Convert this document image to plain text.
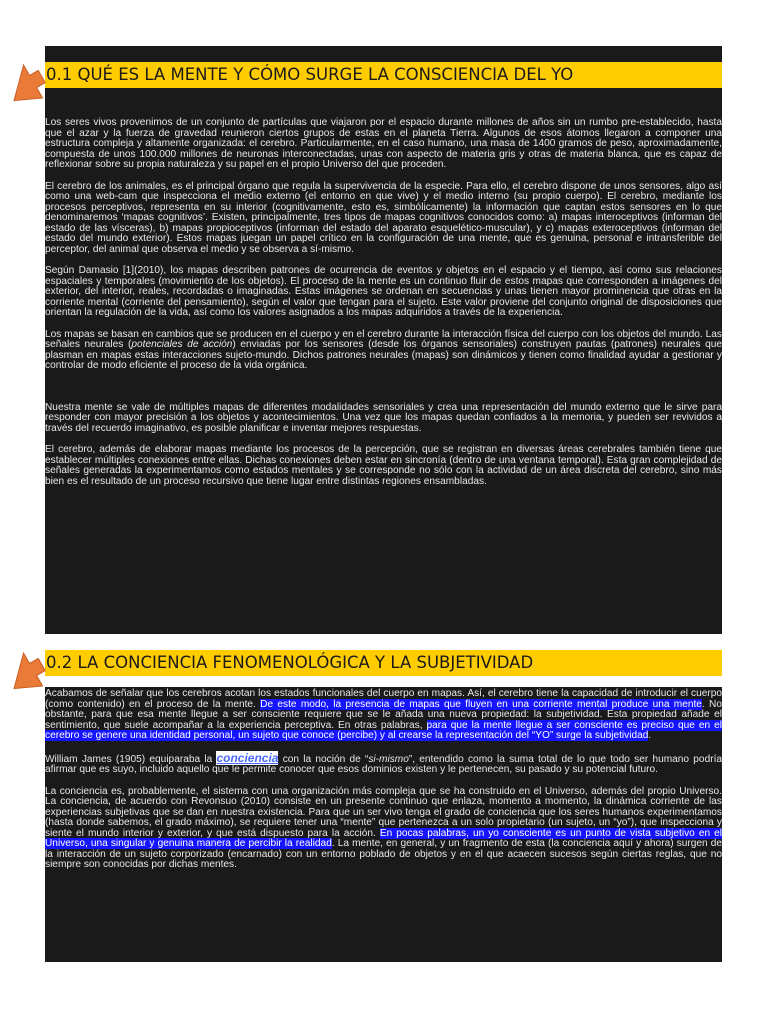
0.1 QUÉ ES LA MENTE Y CÓMO SURGE LA CONSCIENCIA DEL YO

Los seres vivos provenimos de un conjunto de partículas que viajaron por el espacio durante millones de años sin un rumbo pre-establecido, hasta que el azar y la fuerza de gravedad reunieron ciertos grupos de estas en el planeta Tierra. Algunos de esos átomos llegaron a componer una estructura compleja y altamente organizada: el cerebro. Particularmente, en el caso humano, una masa de 1400 gramos de peso, aproximadamente, compuesta de unos 100.000 millones de neuronas interconectadas, unas con aspecto de materia gris y otras de materia blanca, que es capaz de reflexionar sobre su propia naturaleza y su papel en el propio Universo del que proceden.

El cerebro de los animales, es el principal órgano que regula la supervivencia de la especie. Para ello, el cerebro dispone de unos sensores, algo así como una web-cam que inspecciona el medio externo (el entorno en que vive) y el medio interno (su propio cuerpo). El cerebro, mediante los procesos perceptivos, representa en su interior (cognitivamente, esto es, simbólicamente) la información que captan estos sensores en lo que denominaremos ‘mapas cognitivos’. Existen, principalmente, tres tipos de mapas cognitivos conocidos como: a) mapas interoceptivos (informan del estado de las vísceras), b) mapas propioceptivos (informan del estado del aparato esquelético-muscular), y c) mapas exteroceptivos (informan del estado del mundo exterior). Estos mapas juegan un papel crítico en la configuración de una mente, que es genuina, personal e intransferible del perceptor, del animal que observa el medio y se observa a sí-mismo.

Según Damasio [1](2010), los mapas describen patrones de ocurrencia de eventos y objetos en el espacio y el tiempo, así como sus relaciones espaciales y temporales (movimiento de los objetos). El proceso de la mente es un continuo fluir de estos mapas que corresponden a imágenes del exterior, del interior, reales, recordadas o imaginadas. Estas imágenes se ordenan en secuencias y unas tienen mayor prominencia que otras en la corriente mental (corriente del pensamiento), según el valor que tengan para el sujeto. Este valor proviene del conjunto original de disposiciones que orientan la regulación de la vida, así como los valores asignados a los mapas adquiridos a través de la experiencia.

Los mapas se basan en cambios que se producen en el cuerpo y en el cerebro durante la interacción física del cuerpo con los objetos del mundo. Las señales neurales (potenciales de acción) enviadas por los sensores (desde los órganos sensoriales) construyen pautas (patrones) neurales que plasman en mapas estas interacciones sujeto-mundo. Dichos patrones neurales (mapas) son dinámicos y tienen como finalidad ayudar a gestionar y controlar de modo eficiente el proceso de la vida orgánica.

Nuestra mente se vale de múltiples mapas de diferentes modalidades sensoriales y crea una representación del mundo externo que le sirve para responder con mayor precisión a los objetos y acontecimientos. Una vez que los mapas quedan confiados a la memoria, y pueden ser revividos a través del recuerdo imaginativo, es posible planificar e inventar mejores respuestas.

El cerebro, además de elaborar mapas mediante los procesos de la percepción, que se registran en diversas áreas cerebrales también tiene que establecer múltiples conexiones entre ellas. Dichas conexiones deben estar en sincronía (dentro de una ventana temporal). Esta gran complejidad de señales generadas la experimentamos como estados mentales y se corresponde no sólo con la actividad de un área discreta del cerebro, sino más bien es el resultado de un proceso recursivo que tiene lugar entre distintas regiones ensambladas.

0.2 LA CONCIENCIA FENOMENOLÓGICA Y LA SUBJETIVIDAD

Acabamos de señalar que los cerebros acotan los estados funcionales del cuerpo en mapas. Así, el cerebro tiene la capacidad de introducir el cuerpo (como contenido) en el proceso de la mente. De este modo, la presencia de mapas que fluyen en una corriente mental produce una mente. No obstante, para que esa mente llegue a ser consciente requiere que se le añada una nueva propiedad: la subjetividad. Esta propiedad añade el sentimiento, que suele acompañar a la experiencia perceptiva. En otras palabras, para que la mente llegue a ser consciente es preciso que en el cerebro se genere una identidad personal, un sujeto que conoce (percibe) y al crearse la representación del “YO” surge la subjetividad.

William James (1905) equiparaba la conciencia con la noción de “si-mismo”, entendido como la suma total de lo que todo ser humano podría afirmar que es suyo, incluido aquello que le permite conocer que esos dominios existen y le pertenecen, su pasado y su potencial futuro.

La conciencia es, probablemente, el sistema con una organización más compleja que se ha construido en el Universo, además del propio Universo. La conciencia, de acuerdo con Revonsuo (2010) consiste en un presente continuo que enlaza, momento a momento, la dinámica corriente de las experiencias subjetivas que se dan en nuestra existencia. Para que un ser vivo tenga el grado de conciencia que los seres humanos experimentamos (hasta donde sabemos, el grado máximo), se requiere tener una “mente” que pertenezca a un solo propietario (un sujeto, un “yo”), que inspecciona y siente el mundo interior y exterior, y que está dispuesto para la acción. En pocas palabras, un yo consciente es un punto de vista subjetivo en el Universo, una singular y genuina manera de percibir la realidad. La mente, en general, y un fragmento de esta (la conciencia aquí y ahora) surgen de la interacción de un sujeto corporizado (encarnado) con un entorno poblado de objetos y en el que acaecen sucesos según ciertas reglas, que no siempre son conocidas por dichas mentes.
